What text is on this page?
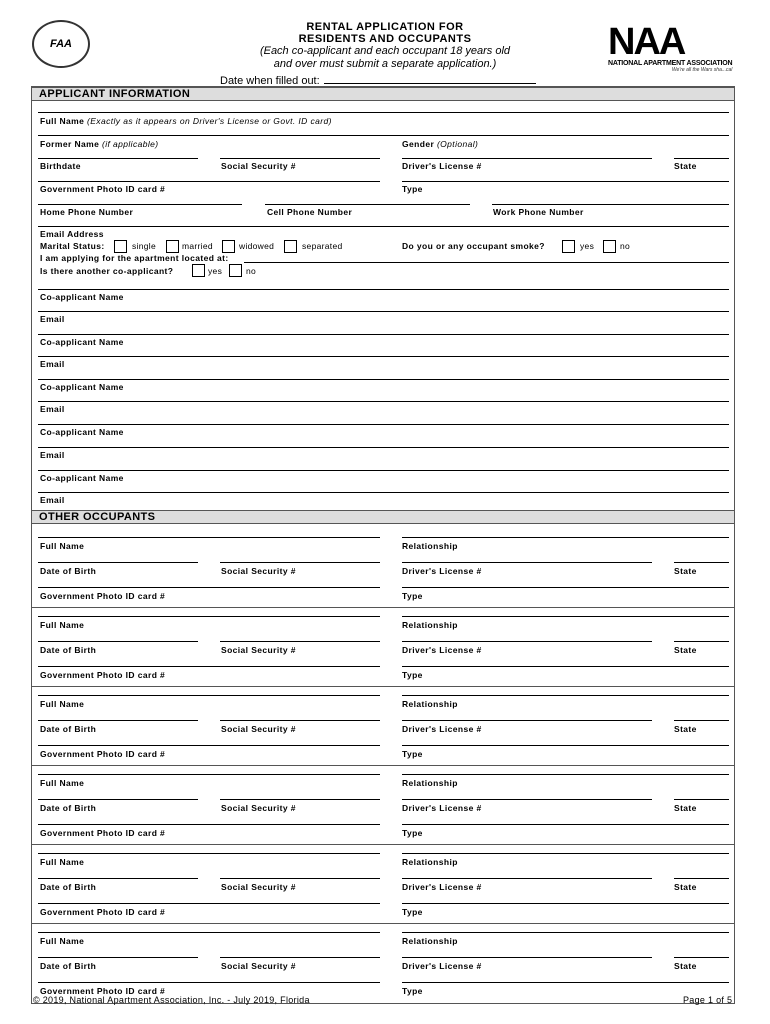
FAA
RENTAL APPLICATION FOR
RESIDENTS AND OCCUPANTS
(Each co-applicant and each occupant 18 years old
and over must submit a separate application.)
Date when filled out:
NAA
NATIONAL APARTMENT ASSOCIATION
We're all the Wars sha...cal
APPLICANT INFORMATION
Full Name (Exactly as it appears on Driver's License or Govt. ID card)
Former Name (if applicable)	Gender (Optional)
Birthdate	Social Security #	Driver's License #	State
Government Photo ID card #	Type
Home Phone Number	Cell Phone Number	Work Phone Number
Email Address
Marital Status:	single	married	widowed	separated	Do you or any occupant smoke?	yes	no
I am applying for the apartment located at:
Is there another co-applicant?	yes	no
Co-applicant Name
Email
Co-applicant Name
Email
Co-applicant Name
Email
Co-applicant Name
Email
Co-applicant Name
Email
OTHER OCCUPANTS
Full Name	Relationship
Date of Birth	Social Security #	Driver's License #	State
Government Photo ID card #	Type
Full Name	Relationship
Date of Birth	Social Security #	Driver's License #	State
Government Photo ID card #	Type
Full Name	Relationship
Date of Birth	Social Security #	Driver's License #	State
Government Photo ID card #	Type
Full Name	Relationship
Date of Birth	Social Security #	Driver's License #	State
Government Photo ID card #	Type
Full Name	Relationship
Date of Birth	Social Security #	Driver's License #	State
Government Photo ID card #	Type
Full Name	Relationship
Date of Birth	Social Security #	Driver's License #	State
Government Photo ID card #	Type
© 2019, National Apartment Association, Inc. - July 2019, Florida	Page 1 of 5
